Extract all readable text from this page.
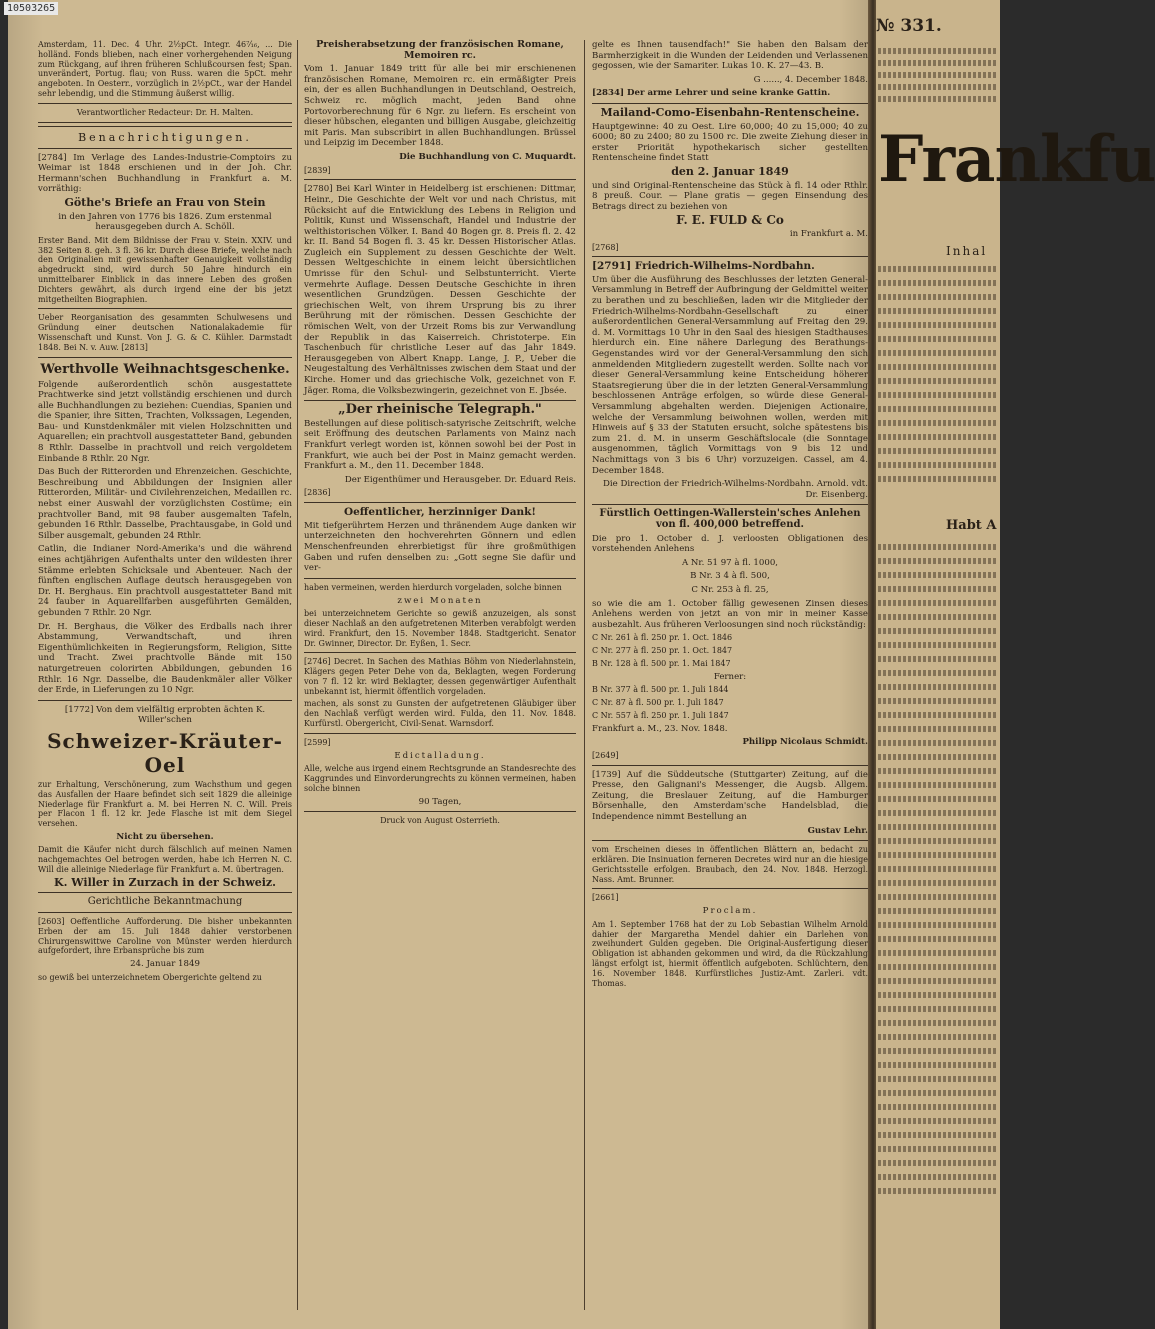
Amsterdam, 11. Dec. 4 Uhr. 2½pCt. Integr. 46⁷⁄₁₆, ... Die holländ. Fonds blieben, nach einer vorhergehenden Neigung zum Rückgang, auf ihren früheren Schlußcoursen fest; Span. unverändert, Portug. flau; von Russ. waren die 5pCt. mehr angeboten. In Oesterr., vorzüglich in 2½pCt., war der Handel sehr lebendig, und die Stimmung äußerst willig.

Verantwortlicher Redacteur: Dr. H. Malten.

Benachrichtigungen.

[2784] Im Verlage des Landes-Industrie-Comptoirs zu Weimar ist 1848 erschienen und in der Joh. Chr. Hermann'schen Buchhandlung in Frankfurt a. M. vorräthig:

Göthe's Briefe an Frau von Stein

in den Jahren von 1776 bis 1826. Zum erstenmal herausgegeben durch A. Schöll.

Erster Band. Mit dem Bildnisse der Frau v. Stein. XXIV. und 382 Seiten 8. geh. 3 fl. 36 kr. Durch diese Briefe, welche nach den Originalien mit gewissenhafter Genauigkeit vollständig abgedruckt sind, wird durch 50 Jahre hindurch ein unmittelbarer Einblick in das innere Leben des großen Dichters gewährt, als durch irgend eine der bis jetzt mitgetheilten Biographien.

Ueber Reorganisation des gesammten Schulwesens und Gründung einer deutschen Nationalakademie für Wissenschaft und Kunst. Von J. G. & C. Kühler. Darmstadt 1848. Bei N. v. Auw. [2813]

Werthvolle Weihnachtsgeschenke.

Folgende außerordentlich schön ausgestattete Prachtwerke sind jetzt vollständig erschienen und durch alle Buchhandlungen zu beziehen: Cuendias, Spanien und die Spanier, ihre Sitten, Trachten, Volkssagen, Legenden, Bau- und Kunstdenkmäler mit vielen Holzschnitten und Aquarellen; ein prachtvoll ausgestatteter Band, gebunden 8 Rthlr. Dasselbe in prachtvoll und reich vergoldetem Einbande 8 Rthlr. 20 Ngr.

Das Buch der Ritterorden und Ehrenzeichen. Geschichte, Beschreibung und Abbildungen der Insignien aller Ritterorden, Militär- und Civilehrenzeichen, Medaillen rc. nebst einer Auswahl der vorzüglichsten Costüme; ein prachtvoller Band, mit 98 fauber ausgemalten Tafeln, gebunden 16 Rthlr. Dasselbe, Prachtausgabe, in Gold und Silber ausgemalt, gebunden 24 Rthlr.

Catlin, die Indianer Nord-Amerika's und die während eines achtjährigen Aufenthalts unter den wildesten ihrer Stämme erlebten Schicksale und Abenteuer. Nach der fünften englischen Auflage deutsch herausgegeben von Dr. H. Berghaus. Ein prachtvoll ausgestatteter Band mit 24 fauber in Aquarellfarben ausgeführten Gemälden, gebunden 7 Rthlr. 20 Ngr.

Dr. H. Berghaus, die Völker des Erdballs nach ihrer Abstammung, Verwandtschaft, und ihren Eigenthümlichkeiten in Regierungsform, Religion, Sitte und Tracht. Zwei prachtvolle Bände mit 150 naturgetreuen colorirten Abbildungen, gebunden 16 Rthlr. 16 Ngr. Dasselbe, die Baudenkmäler aller Völker der Erde, in Lieferungen zu 10 Ngr.

[1772] Von dem vielfältig erprobten ächten K. Willer'schen

Schweizer-Kräuter-Oel

zur Erhaltung, Verschönerung, zum Wachsthum und gegen das Ausfallen der Haare befindet sich seit 1829 die alleinige Niederlage für Frankfurt a. M. bei Herren N. C. Will. Preis per Flacon 1 fl. 12 kr. Jede Flasche ist mit dem Siegel versehen.

Nicht zu übersehen.

Damit die Käufer nicht durch fälschlich auf meinen Namen nachgemachtes Oel betrogen werden, habe ich Herren N. C. Will die alleinige Niederlage für Frankfurt a. M. übertragen.

K. Willer in Zurzach in der Schweiz.

Gerichtliche Bekanntmachung

[2603] Oeffentliche Aufforderung. Die bisher unbekannten Erben der am 15. Juli 1848 dahier verstorbenen Chirurgenswittwe Caroline von Münster werden hierdurch aufgefordert, ihre Erbansprüche bis zum

24. Januar 1849

so gewiß bei unterzeichnetem Obergerichte geltend zu

Preisherabsetzung der französischen Romane, Memoiren rc.

Vom 1. Januar 1849 tritt für alle bei mir erschienenen französischen Romane, Memoiren rc. ein ermäßigter Preis ein, der es allen Buchhandlungen in Deutschland, Oestreich, Schweiz rc. möglich macht, jeden Band ohne Portovorberechnung für 6 Ngr. zu liefern. Es erscheint von dieser hübschen, eleganten und billigen Ausgabe, gleichzeitig mit Paris. Man subscribirt in allen Buchhandlungen. Brüssel und Leipzig im December 1848.

Die Buchhandlung von C. Muquardt.

[2839]

[2780] Bei Karl Winter in Heidelberg ist erschienen: Dittmar, Heinr., Die Geschichte der Welt vor und nach Christus, mit Rücksicht auf die Entwicklung des Lebens in Religion und Politik, Kunst und Wissenschaft, Handel und Industrie der welthistorischen Völker. I. Band 40 Bogen gr. 8. Preis fl. 2. 42 kr. II. Band 54 Bogen fl. 3. 45 kr. Dessen Historischer Atlas. Zugleich ein Supplement zu dessen Geschichte der Welt. Dessen Weltgeschichte in einem leicht übersichtlichen Umrisse für den Schul- und Selbstunterricht. Vierte vermehrte Auflage. Dessen Deutsche Geschichte in ihren wesentlichen Grundzügen. Dessen Geschichte der griechischen Welt, von ihrem Ursprung bis zu ihrer Berührung mit der römischen. Dessen Geschichte der römischen Welt, von der Urzeit Roms bis zur Verwandlung der Republik in das Kaiserreich. Christoterpe. Ein Taschenbuch für christliche Leser auf das Jahr 1849. Herausgegeben von Albert Knapp. Lange, J. P., Ueber die Neugestaltung des Verhältnisses zwischen dem Staat und der Kirche. Homer und das griechische Volk, gezeichnet von F. Jäger. Roma, die Volksbezwingerin, gezeichnet von E. Jbsée.

„Der rheinische Telegraph."

Bestellungen auf diese politisch-satyrische Zeitschrift, welche seit Eröffnung des deutschen Parlaments von Mainz nach Frankfurt verlegt worden ist, können sowohl bei der Post in Frankfurt, wie auch bei der Post in Mainz gemacht werden. Frankfurt a. M., den 11. December 1848.

Der Eigenthümer und Herausgeber. Dr. Eduard Reis.

[2836]

Oeffentlicher, herzinniger Dank!

Mit tiefgerührtem Herzen und thränendem Auge danken wir unterzeichneten den hochverehrten Gönnern und edlen Menschenfreunden ehrerbietigst für ihre großmüthigen Gaben und rufen denselben zu: „Gott segne Sie dafür und ver-

haben vermeinen, werden hierdurch vorgeladen, solche binnen

zwei Monaten

bei unterzeichnetem Gerichte so gewiß anzuzeigen, als sonst dieser Nachlaß an den aufgetretenen Miterben verabfolgt werden wird. Frankfurt, den 15. November 1848. Stadtgericht. Senator Dr. Gwinner, Director. Dr. Eyßen, 1. Secr.

[2746] Decret. In Sachen des Mathias Böhm von Niederlahnstein, Klägers gegen Peter Dehe von da, Beklagten, wegen Forderung von 7 fl. 12 kr. wird Beklagter, dessen gegenwärtiger Aufenthalt unbekannt ist, hiermit öffentlich vorgeladen.

machen, als sonst zu Gunsten der aufgetretenen Gläubiger über den Nachlaß verfügt werden wird. Fulda, den 11. Nov. 1848. Kurfürstl. Obergericht, Civil-Senat. Warnsdorf.

[2599]

Edictalladung.

Alle, welche aus irgend einem Rechtsgrunde an Standesrechte des Kaggrundes und Einvorderungrechts zu können vermeinen, haben solche binnen

90 Tagen,

Druck von August Osterrieth.

gelte es Ihnen tausendfach!" Sie haben den Balsam der Barmherzigkeit in die Wunden der Leidenden und Verlassenen gegossen, wie der Samariter. Lukas 10. K. 27—43. B.

G ......, 4. December 1848.

[2834] Der arme Lehrer und seine kranke Gattin.

Mailand-Como-Eisenbahn-Rentenscheine.

Hauptgewinne: 40 zu Oest. Lire 60,000; 40 zu 15,000; 40 zu 6000; 80 zu 2400; 80 zu 1500 rc. Die zweite Ziehung dieser in erster Priorität hypothekarisch sicher gestellten Rentenscheine findet Statt

den 2. Januar 1849

und sind Original-Rentenscheine das Stück à fl. 14 oder Rthlr. 8 preuß. Cour. — Plane gratis — gegen Einsendung des Betrags direct zu beziehen von

F. E. FULD & Co

in Frankfurt a. M.

[2768]

[2791] Friedrich-Wilhelms-Nordbahn.

Um über die Ausführung des Beschlusses der letzten General-Versammlung in Betreff der Aufbringung der Geldmittel weiter zu berathen und zu beschließen, laden wir die Mitglieder der Friedrich-Wilhelms-Nordbahn-Gesellschaft zu einer außerordentlichen General-Versammlung auf Freitag den 29. d. M. Vormittags 10 Uhr in den Saal des hiesigen Stadthauses hierdurch ein. Eine nähere Darlegung des Berathungs-Gegenstandes wird vor der General-Versammlung den sich anmeldenden Mitgliedern zugestellt werden. Sollte nach vor dieser General-Versammlung keine Entscheidung höherer Staatsregierung über die in der letzten General-Versammlung beschlossenen Anträge erfolgen, so würde diese General-Versammlung abgehalten werden. Diejenigen Actionaire, welche der Versammlung beiwohnen wollen, werden mit Hinweis auf § 33 der Statuten ersucht, solche spätestens bis zum 21. d. M. in unserm Geschäftslocale (die Sonntage ausgenommen, täglich Vormittags von 9 bis 12 und Nachmittags von 3 bis 6 Uhr) vorzuzeigen. Cassel, am 4. December 1848.

Die Direction der Friedrich-Wilhelms-Nordbahn. Arnold. vdt. Dr. Eisenberg.

Fürstlich Oettingen-Wallerstein'sches Anlehen von fl. 400,000 betreffend.

Die pro 1. October d. J. verloosten Obligationen des vorstehenden Anlehens

A Nr. 51 97 à fl. 1000,

B Nr. 3 4 à fl. 500,

C Nr. 253 à fl. 25,

so wie die am 1. October fällig gewesenen Zinsen dieses Anlehens werden von jetzt an von mir in meiner Kasse ausbezahlt. Aus früheren Verloosungen sind noch rückständig:

C Nr. 261 à fl. 250 pr. 1. Oct. 1846

C Nr. 277 à fl. 250 pr. 1. Oct. 1847

B Nr. 128 à fl. 500 pr. 1. Mai 1847

Ferner:

B Nr. 377 à fl. 500 pr. 1. Juli 1844

C Nr. 87 à fl. 500 pr. 1. Juli 1847

C Nr. 557 à fl. 250 pr. 1. Juli 1847

Frankfurt a. M., 23. Nov. 1848.

Philipp Nicolaus Schmidt.

[2649]

[1739] Auf die Süddeutsche (Stuttgarter) Zeitung, auf die Presse, den Galignani's Messenger, die Augsb. Allgem. Zeitung, die Breslauer Zeitung, auf die Hamburger Börsenhalle, den Amsterdam'sche Handelsblad, die Independence nimmt Bestellung an

Gustav Lehr.

vom Erscheinen dieses in öffentlichen Blättern an, bedacht zu erklären. Die Insinuation ferneren Decretes wird nur an die hiesige Gerichtsstelle erfolgen. Braubach, den 24. Nov. 1848. Herzogl. Nass. Amt. Brunner.

[2661]

Proclam.

Am 1. September 1768 hat der zu Lob Sebastian Wilhelm Arnold dahier der Margaretha Mendel dahier ein Darlehen von zweihundert Gulden gegeben. Die Original-Ausfertigung dieser Obligation ist abhanden gekommen und wird, da die Rückzahlung längst erfolgt ist, hiermit öffentlich aufgeboten. Schlüchtern, den 16. November 1848. Kurfürstliches Justiz-Amt. Zarleri. vdt. Thomas.

№ 331.
Frankfu
Inhal
Habt A
10503265
